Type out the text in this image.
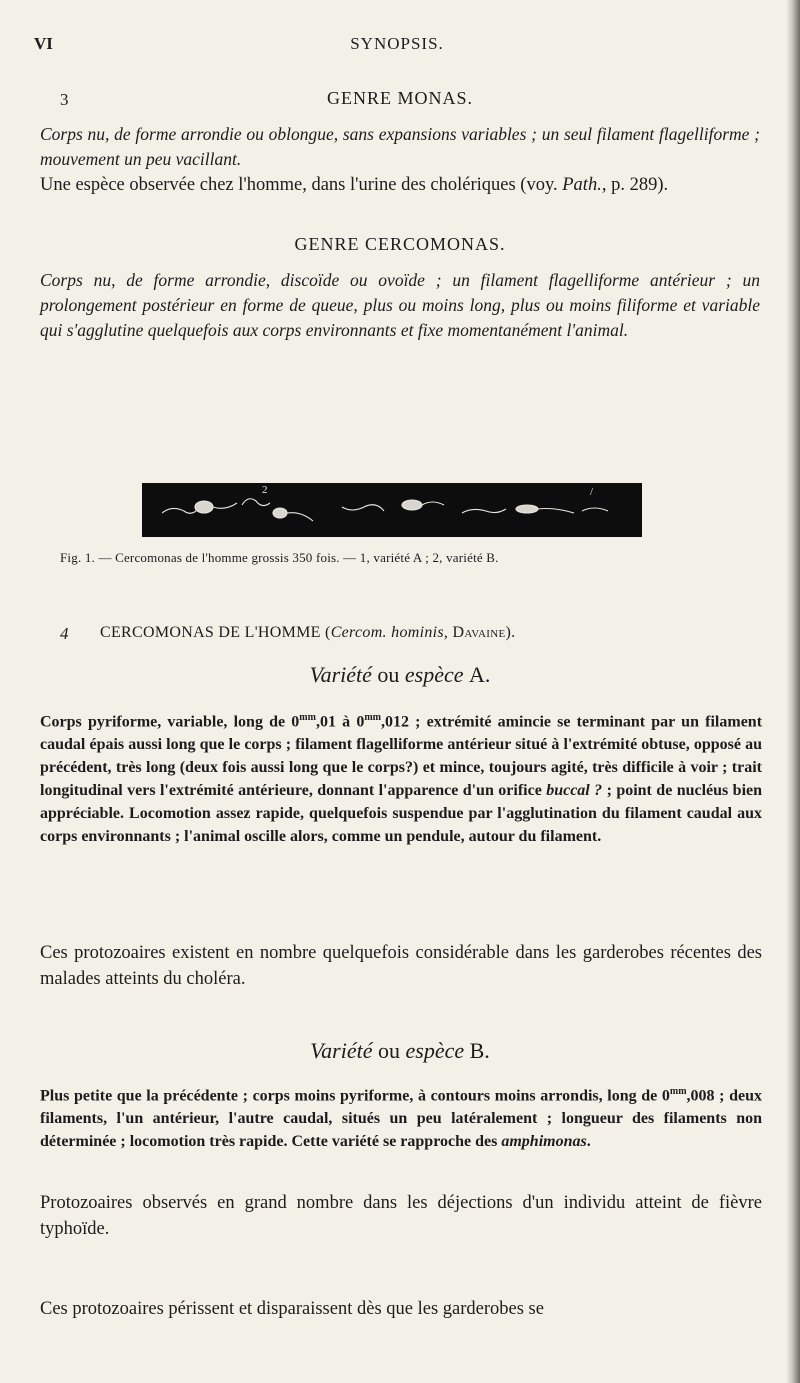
VI	SYNOPSIS.
3	GENRE MONAS.
Corps nu, de forme arrondie ou oblongue, sans expansions variables ; un seul filament flagelliforme ; mouvement un peu vacillant.
Une espèce observée chez l'homme, dans l'urine des cholériques (voy. Path., p. 289).
GENRE CERCOMONAS.
Corps nu, de forme arrondie, discoïde ou ovoïde ; un filament flagelliforme antérieur ; un prolongement postérieur en forme de queue, plus ou moins long, plus ou moins filiforme et variable qui s'agglutine quelquefois aux corps environnants et fixe momentanément l'animal.
2	/
Fig. 1. — Cercomonas de l'homme grossis 350 fois. — 1, variété A ; 2, variété B.
4 CERCOMONAS DE L'HOMME (Cercom. hominis, Davaine).
Variété ou espèce A.
Corps pyriforme, variable, long de $0^{mm},01$ à $0^{mm},012$ ; extrémité amincie se terminant par un filament caudal épais aussi long que le corps ; filament flagelliforme antérieur situé à l'extrémité obtuse, opposé au précédent, très long (deux fois aussi long que le corps?) et mince, toujours agité, très difficile à voir ; trait longitudinal vers l'extrémité antérieure, donnant l'apparence d'un orifice buccal ? ; point de nucléus bien appréciable. Locomotion assez rapide, quelquefois suspendue par l'agglutination du filament caudal aux corps environnants ; l'animal oscille alors, comme un pendule, autour du filament.
Ces protozoaires existent en nombre quelquefois considérable dans les garderobes récentes des malades atteints du choléra.
Variété ou espèce B.
Plus petite que la précédente ; corps moins pyriforme, à contours moins arrondis, long de $0^{mm},008$ ; deux filaments, l'un antérieur, l'autre caudal, situés un peu latéralement ; longueur des filaments non déterminée ; locomotion très rapide. Cette variété se rapproche des amphimonas.
Protozoaires observés en grand nombre dans les déjections d'un individu atteint de fièvre typhoïde.
Ces protozoaires périssent et disparaissent dès que les garderobes se
